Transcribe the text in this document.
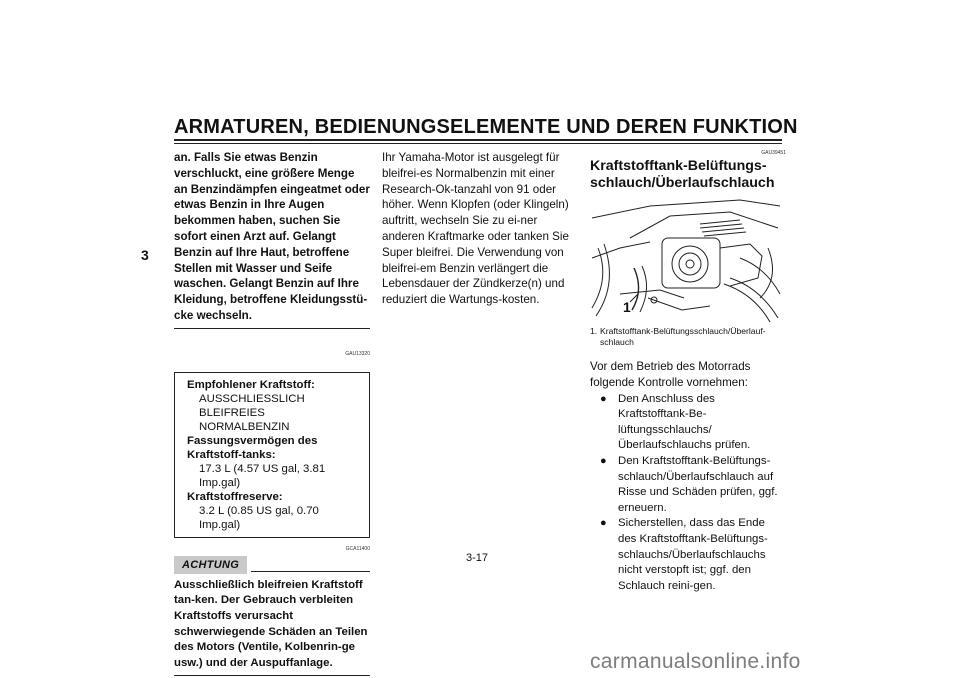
ARMATUREN, BEDIENUNGSELEMENTE UND DEREN FUNKTION
3

an. Falls Sie etwas Benzin verschluckt, eine größere Menge an Benzindämpfen eingeatmet oder etwas Benzin in Ihre Augen bekommen haben, suchen Sie sofort einen Arzt auf. Gelangt Benzin auf Ihre Haut, betroffene Stellen mit Wasser und Seife waschen. Gelangt Benzin auf Ihre Kleidung, betroffene Kleidungsstü-cke wechseln.

GAU13320
Empfohlener Kraftstoff:
AUSSCHLIESSLICH BLEIFREIES NORMALBENZIN
Fassungsvermögen des Kraftstoff-tanks:
17.3 L (4.57 US gal, 3.81 Imp.gal)
Kraftstoffreserve:
3.2 L (0.85 US gal, 0.70 Imp.gal)
GCA11400
ACHTUNG

Ausschließlich bleifreien Kraftstoff tan-ken. Der Gebrauch verbleiten Kraftstoffs verursacht schwerwiegende Schäden an Teilen des Motors (Ventile, Kolbenrin-ge usw.) und der Auspuffanlage.

Ihr Yamaha-Motor ist ausgelegt für bleifrei-es Normalbenzin mit einer Research-Ok-tanzahl von 91 oder höher. Wenn Klopfen (oder Klingeln) auftritt, wechseln Sie zu ei-ner anderen Kraftmarke oder tanken Sie Super bleifrei. Die Verwendung von bleifrei-em Benzin verlängert die Lebensdauer der Zündkerze(n) und reduziert die Wartungs-kosten.

GAU39451
Kraftstofftank-Belüftungs-schlauch/Überlaufschlauch
1
1. Kraftstofftank-Belüftungsschlauch/Überlauf-schlauch

Vor dem Betrieb des Motorrads folgende Kontrolle vornehmen:

● Den Anschluss des Kraftstofftank-Be-lüftungsschlauchs/Überlaufschlauchs prüfen.
● Den Kraftstofftank-Belüftungs-schlauch/Überlaufschlauch auf Risse und Schäden prüfen, ggf. erneuern.
● Sicherstellen, dass das Ende des Kraftstofftank-Belüftungs-schlauchs/Überlaufschlauchs nicht verstopft ist; ggf. den Schlauch reini-gen.
3-17
carmanualsonline.info
